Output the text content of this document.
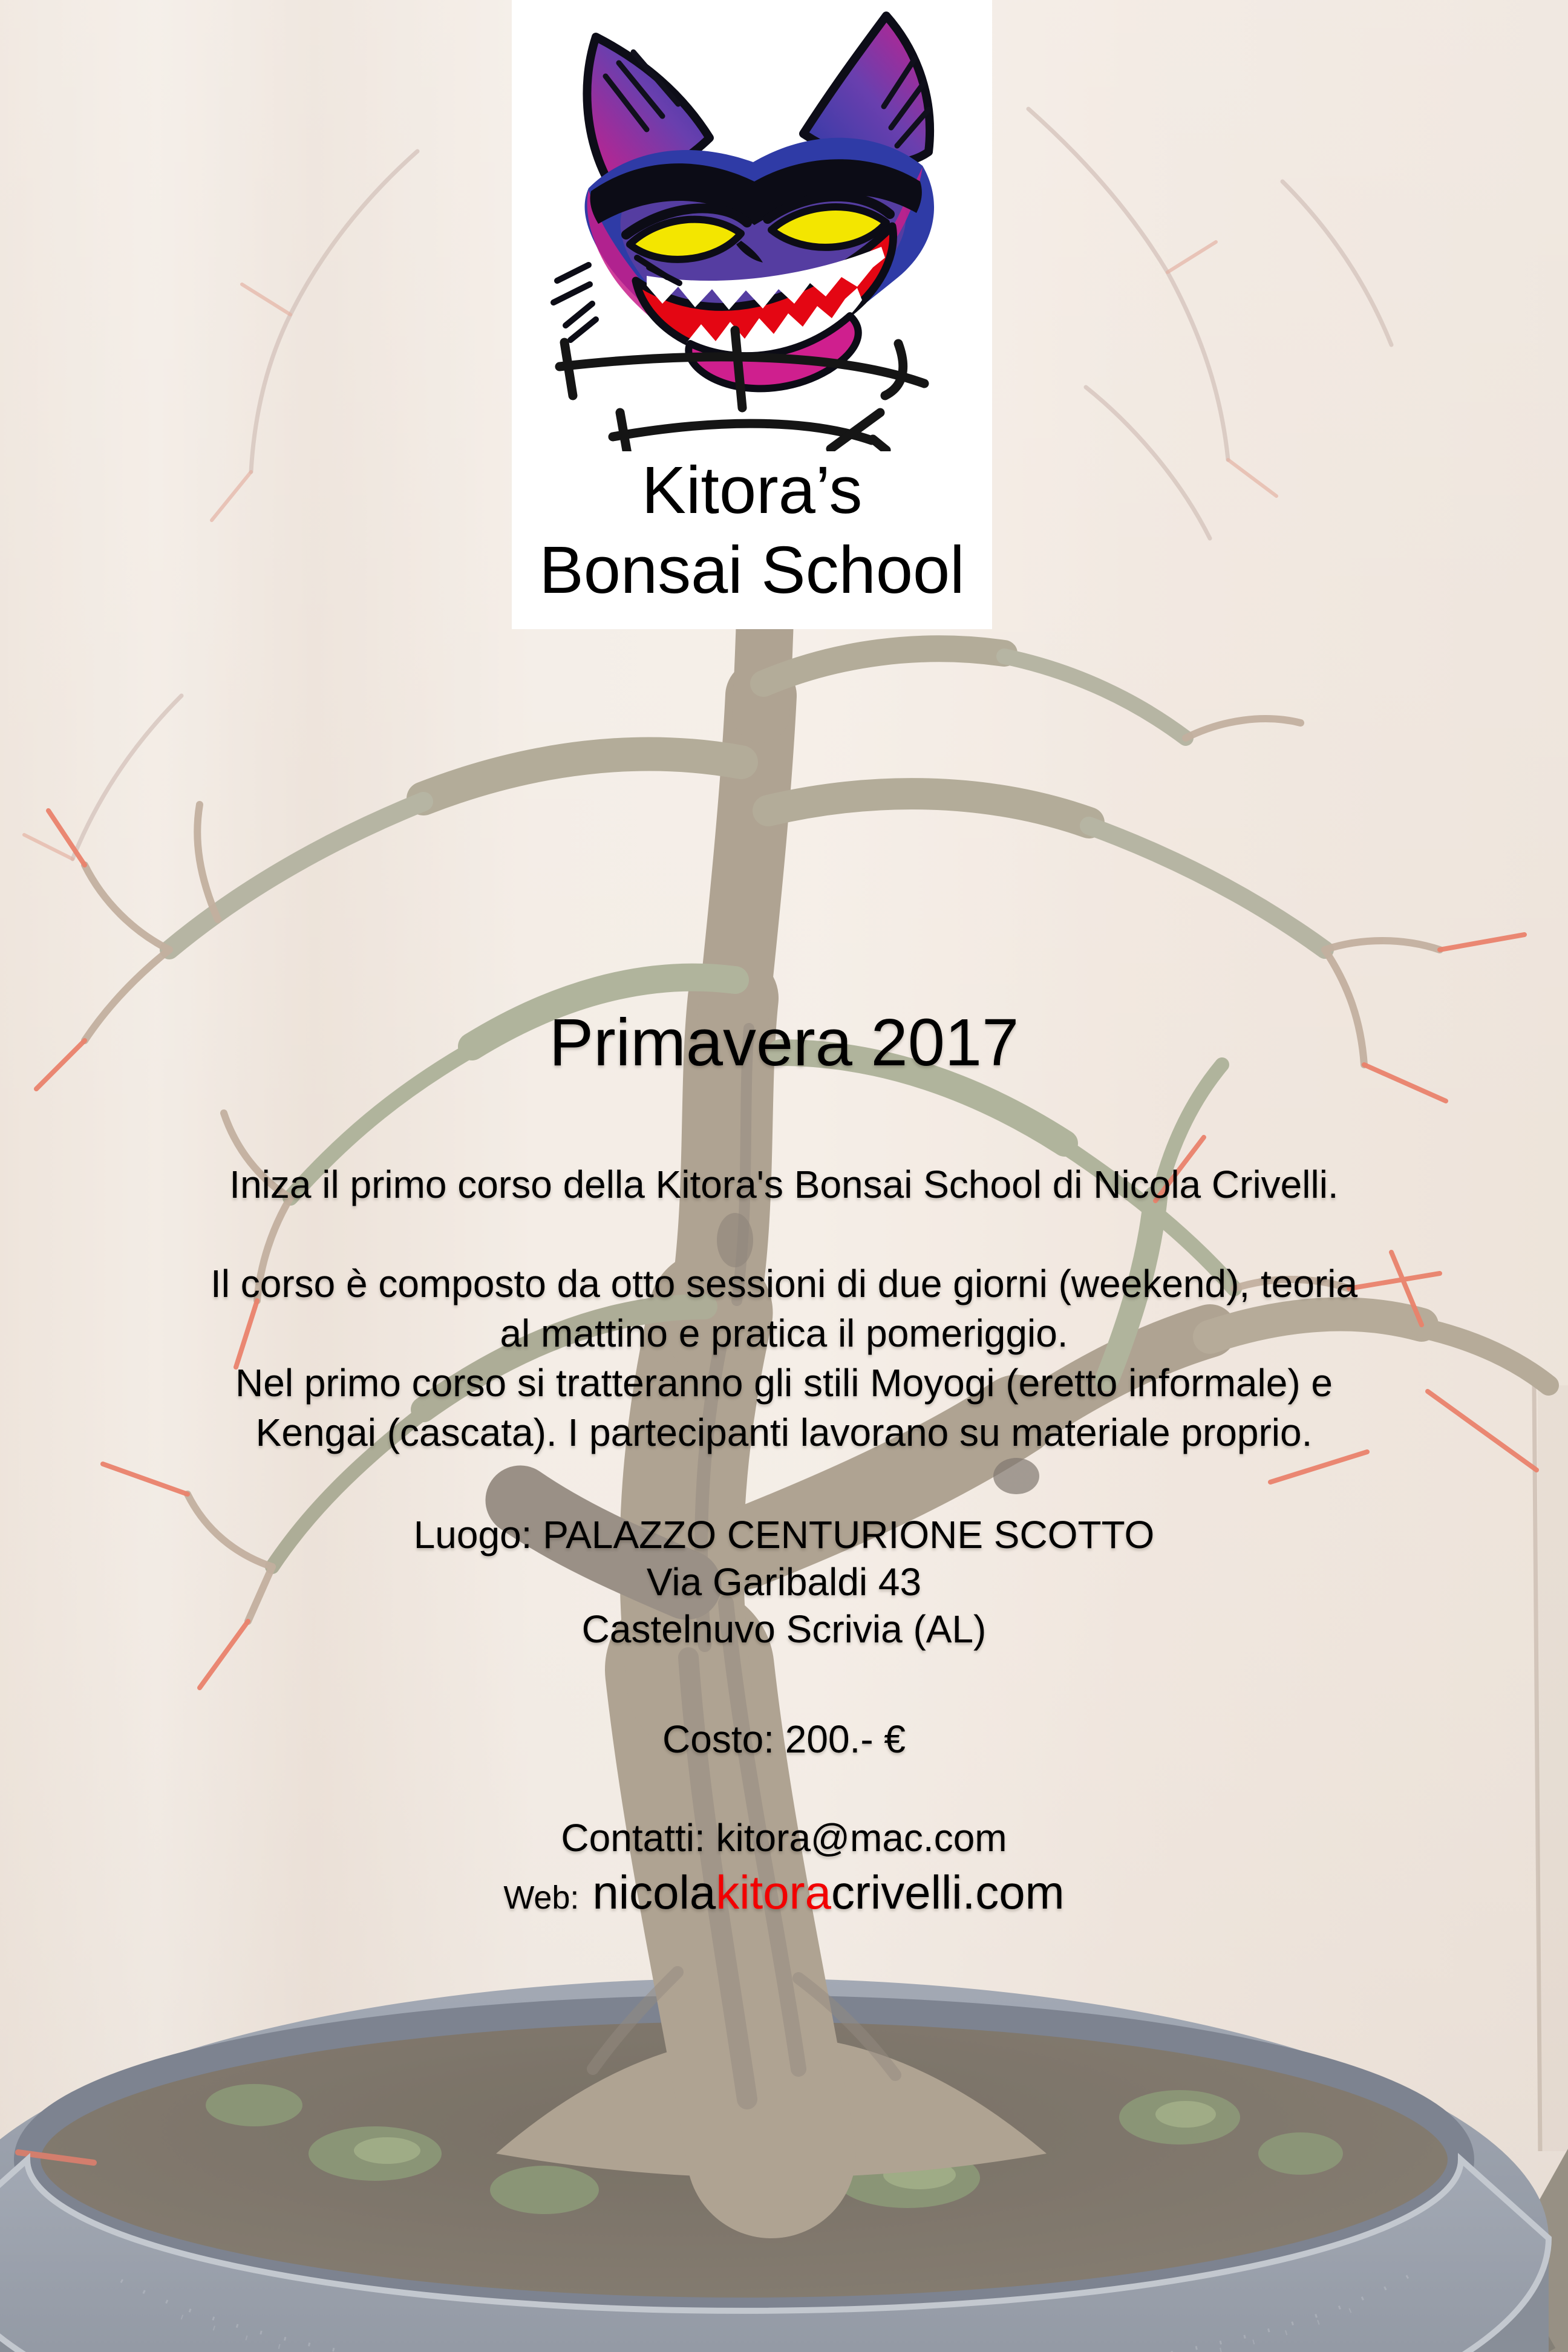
Kitora’s
Bonsai School
Primavera 2017
Iniza il primo corso della Kitora's Bonsai School di Nicola Crivelli.
Il corso è composto da otto sessioni di due giorni (weekend), teoria
al mattino e pratica il pomeriggio.
Nel primo corso si tratteranno gli stili Moyogi (eretto informale) e
Kengai (cascata). I partecipanti lavorano su materiale proprio.
Luogo: PALAZZO CENTURIONE SCOTTO
Via Garibaldi 43
Castelnuvo Scrivia (AL)
Costo: 200.- €
Contatti: kitora@mac.com
Web: nicolakitoracrivelli.com
